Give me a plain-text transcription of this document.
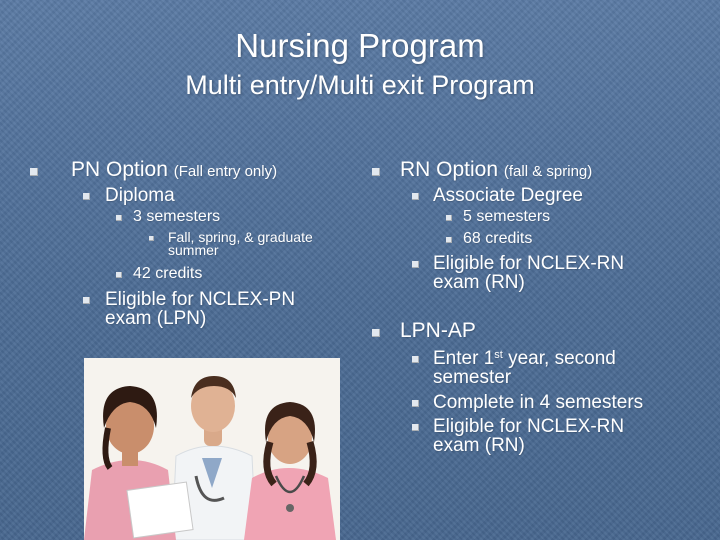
Nursing Program
Multi entry/Multi exit Program
PN Option (Fall entry only)
Diploma
3 semesters
Fall, spring, & graduate
summer
42 credits
Eligible for NCLEX-PN
exam (LPN)
RN Option (fall & spring)
Associate Degree
5 semesters
68 credits
Eligible for NCLEX-RN
exam (RN)
LPN-AP
Enter 1st year, second
semester
Complete in 4 semesters
Eligible for NCLEX-RN
exam (RN)
